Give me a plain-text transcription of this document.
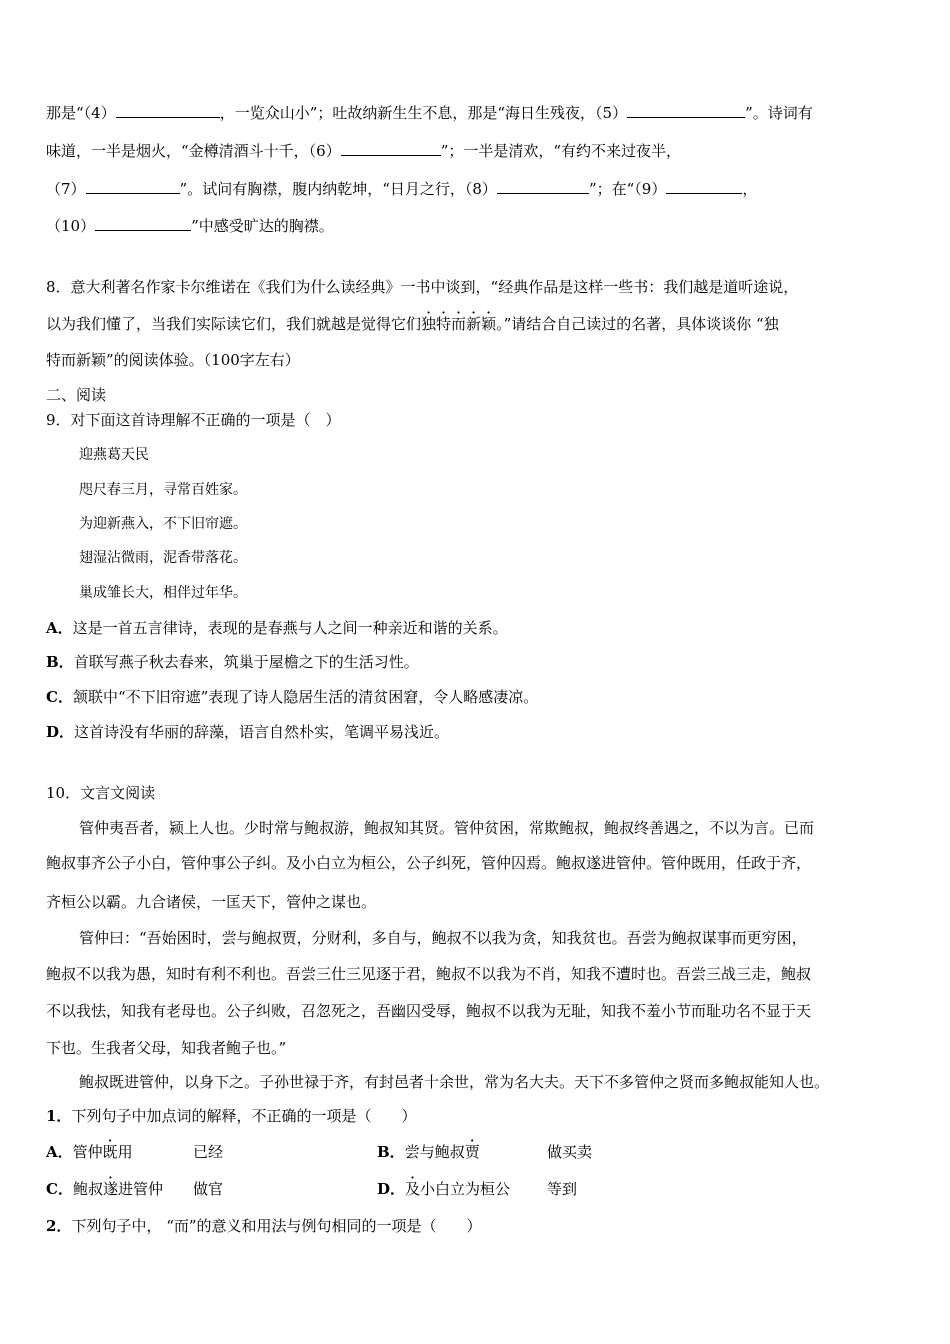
那是“（4）	，一览众山小”；吐故纳新生生不息，那是“海日生残夜，（5）	”。诗词有
味道，一半是烟火，“金樽清酒斗十千，（6）	”；一半是清欢，“有约不来过夜半，
（7）	”。试问有胸襟，腹内纳乾坤，“日月之行，（8）	”；在“（9）	，
（10）	”中感受旷达的胸襟。
8．意大利著名作家卡尔维诺在《我们为什么读经典》一书中谈到，“经典作品是这样一些书：我们越是道听途说，
以为我们懂了，当我们实际读它们，我们就越是觉得它们独特而新颖。”请结合自己读过的名著，具体谈谈你 “独
特而新颖”的阅读体验。（100字左右）
二、阅读
9．对下面这首诗理解不正确的一项是（　）
迎燕葛天民
咫尺春三月，寻常百姓家。
为迎新燕入，不下旧帘遮。
翅湿沾微雨，泥香带落花。
巢成雏长大，相伴过年华。
A．这是一首五言律诗，表现的是春燕与人之间一种亲近和谐的关系。
B．首联写燕子秋去春来，筑巢于屋檐之下的生活习性。
C．颔联中“不下旧帘遮”表现了诗人隐居生活的清贫困窘，令人略感凄凉。
D．这首诗没有华丽的辞藻，语言自然朴实，笔调平易浅近。
10．文言文阅读
管仲夷吾者，颍上人也。少时常与鲍叔游，鲍叔知其贤。管仲贫困，常欺鲍叔，鲍叔终善遇之，不以为言。已而
鲍叔事齐公子小白，管仲事公子纠。及小白立为桓公，公子纠死，管仲囚焉。鲍叔遂进管仲。管仲既用，任政于齐，
齐桓公以霸。九合诸侯，一匡天下，管仲之谋也。
管仲曰：“吾始困时，尝与鲍叔贾，分财利，多自与，鲍叔不以我为贪，知我贫也。吾尝为鲍叔谋事而更穷困，
鲍叔不以我为愚，知时有利不利也。吾尝三仕三见逐于君，鲍叔不以我为不肖，知我不遭时也。吾尝三战三走，鲍叔
不以我怯，知我有老母也。公子纠败，召忽死之，吾幽囚受辱，鲍叔不以我为无耻，知我不羞小节而耻功名不显于天
下也。生我者父母，知我者鲍子也。”
鲍叔既进管仲，以身下之。子孙世禄于齐，有封邑者十余世，常为名大夫。天下不多管仲之贤而多鲍叔能知人也。
1．下列句子中加点词的解释，不正确的一项是（　　）
A．管仲既用	已经	B．尝与鲍叔贾	做买卖
C．鲍叔遂进管仲 做官	D．及小白立为桓公 等到
2．下列句子中， “而”的意义和用法与例句相同的一项是（　　）
